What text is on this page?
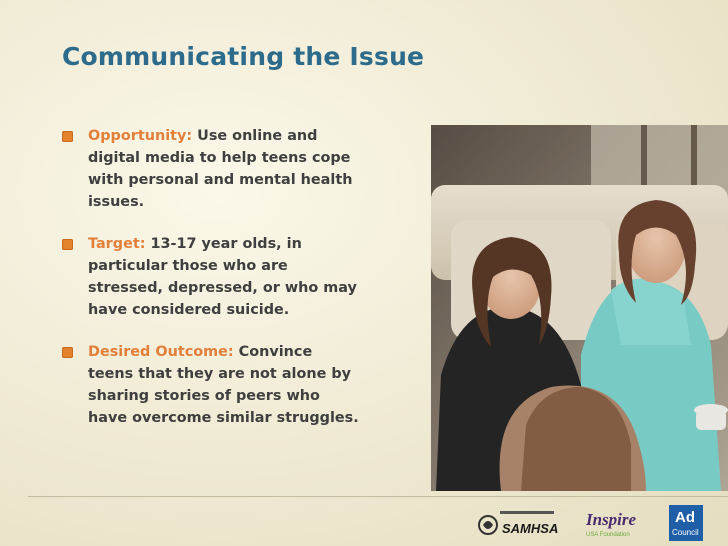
Communicating the Issue

Opportunity: Use online and digital media to help teens cope with personal and mental health issues.

Target: 13-17 year olds, in particular those who are stressed, depressed, or who may have considered suicide.

Desired Outcome: Convince teens that they are not alone by sharing stories of peers who have overcome similar struggles.

SAMHSA Inspire
USA Foundation
Ad
Council
